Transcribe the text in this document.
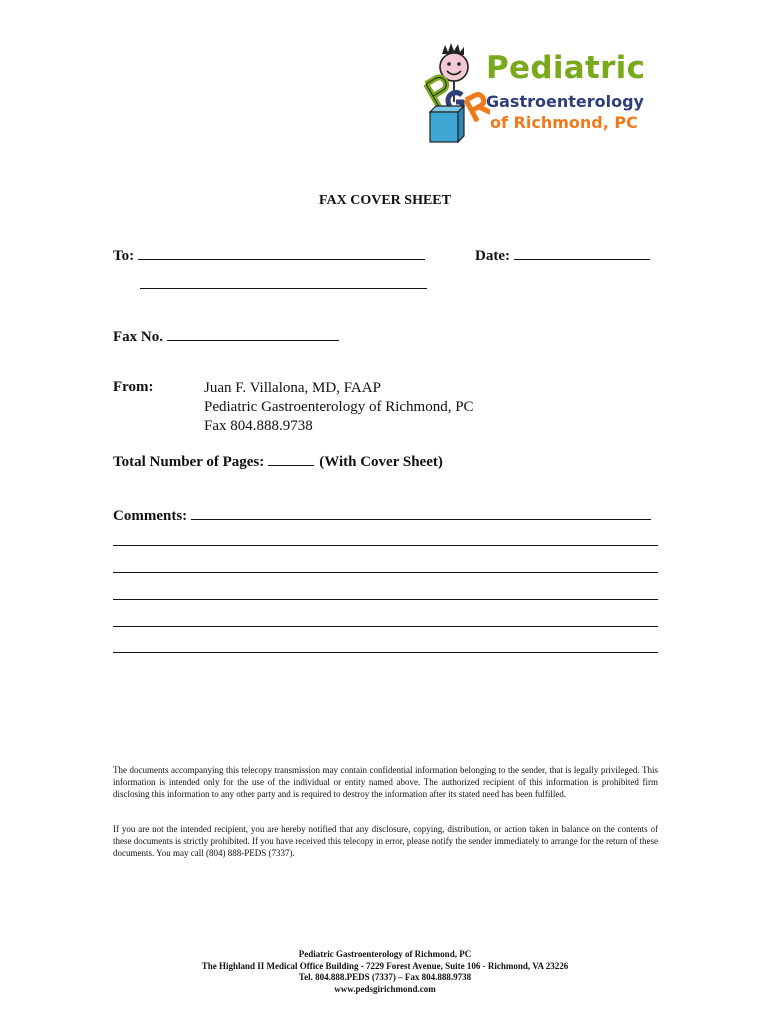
Pediatric
Gastroenterology
of Richmond, PC
FAX COVER SHEET
To:	Date:
Fax No.
From:	Juan F. Villalona, MD, FAAP
Pediatric Gastroenterology of Richmond, PC
Fax 804.888.9738
Total Number of Pages:	(With Cover Sheet)
Comments:

The documents accompanying this telecopy transmission may contain confidential information belonging to the sender, that is legally privileged. This information is intended only for the use of the individual or entity named above. The authorized recipient of this information is prohibited firm disclosing this information to any other party and is required to destroy the information after its stated need has been fulfilled.

If you are not the intended recipient, you are hereby notified that any disclosure, copying, distribution, or action taken in balance on the contents of these documents is strictly prohibited. If you have received this telecopy in error, please notify the sender immediately to arrange for the return of these documents. You may call (804) 888-PEDS (7337).

Pediatric Gastroenterology of Richmond, PC
The Highland II Medical Office Building - 7229 Forest Avenue, Suite 106 - Richmond, VA 23226
Tel. 804.888.PEDS (7337) – Fax 804.888.9738
www.pedsgirichmond.com
